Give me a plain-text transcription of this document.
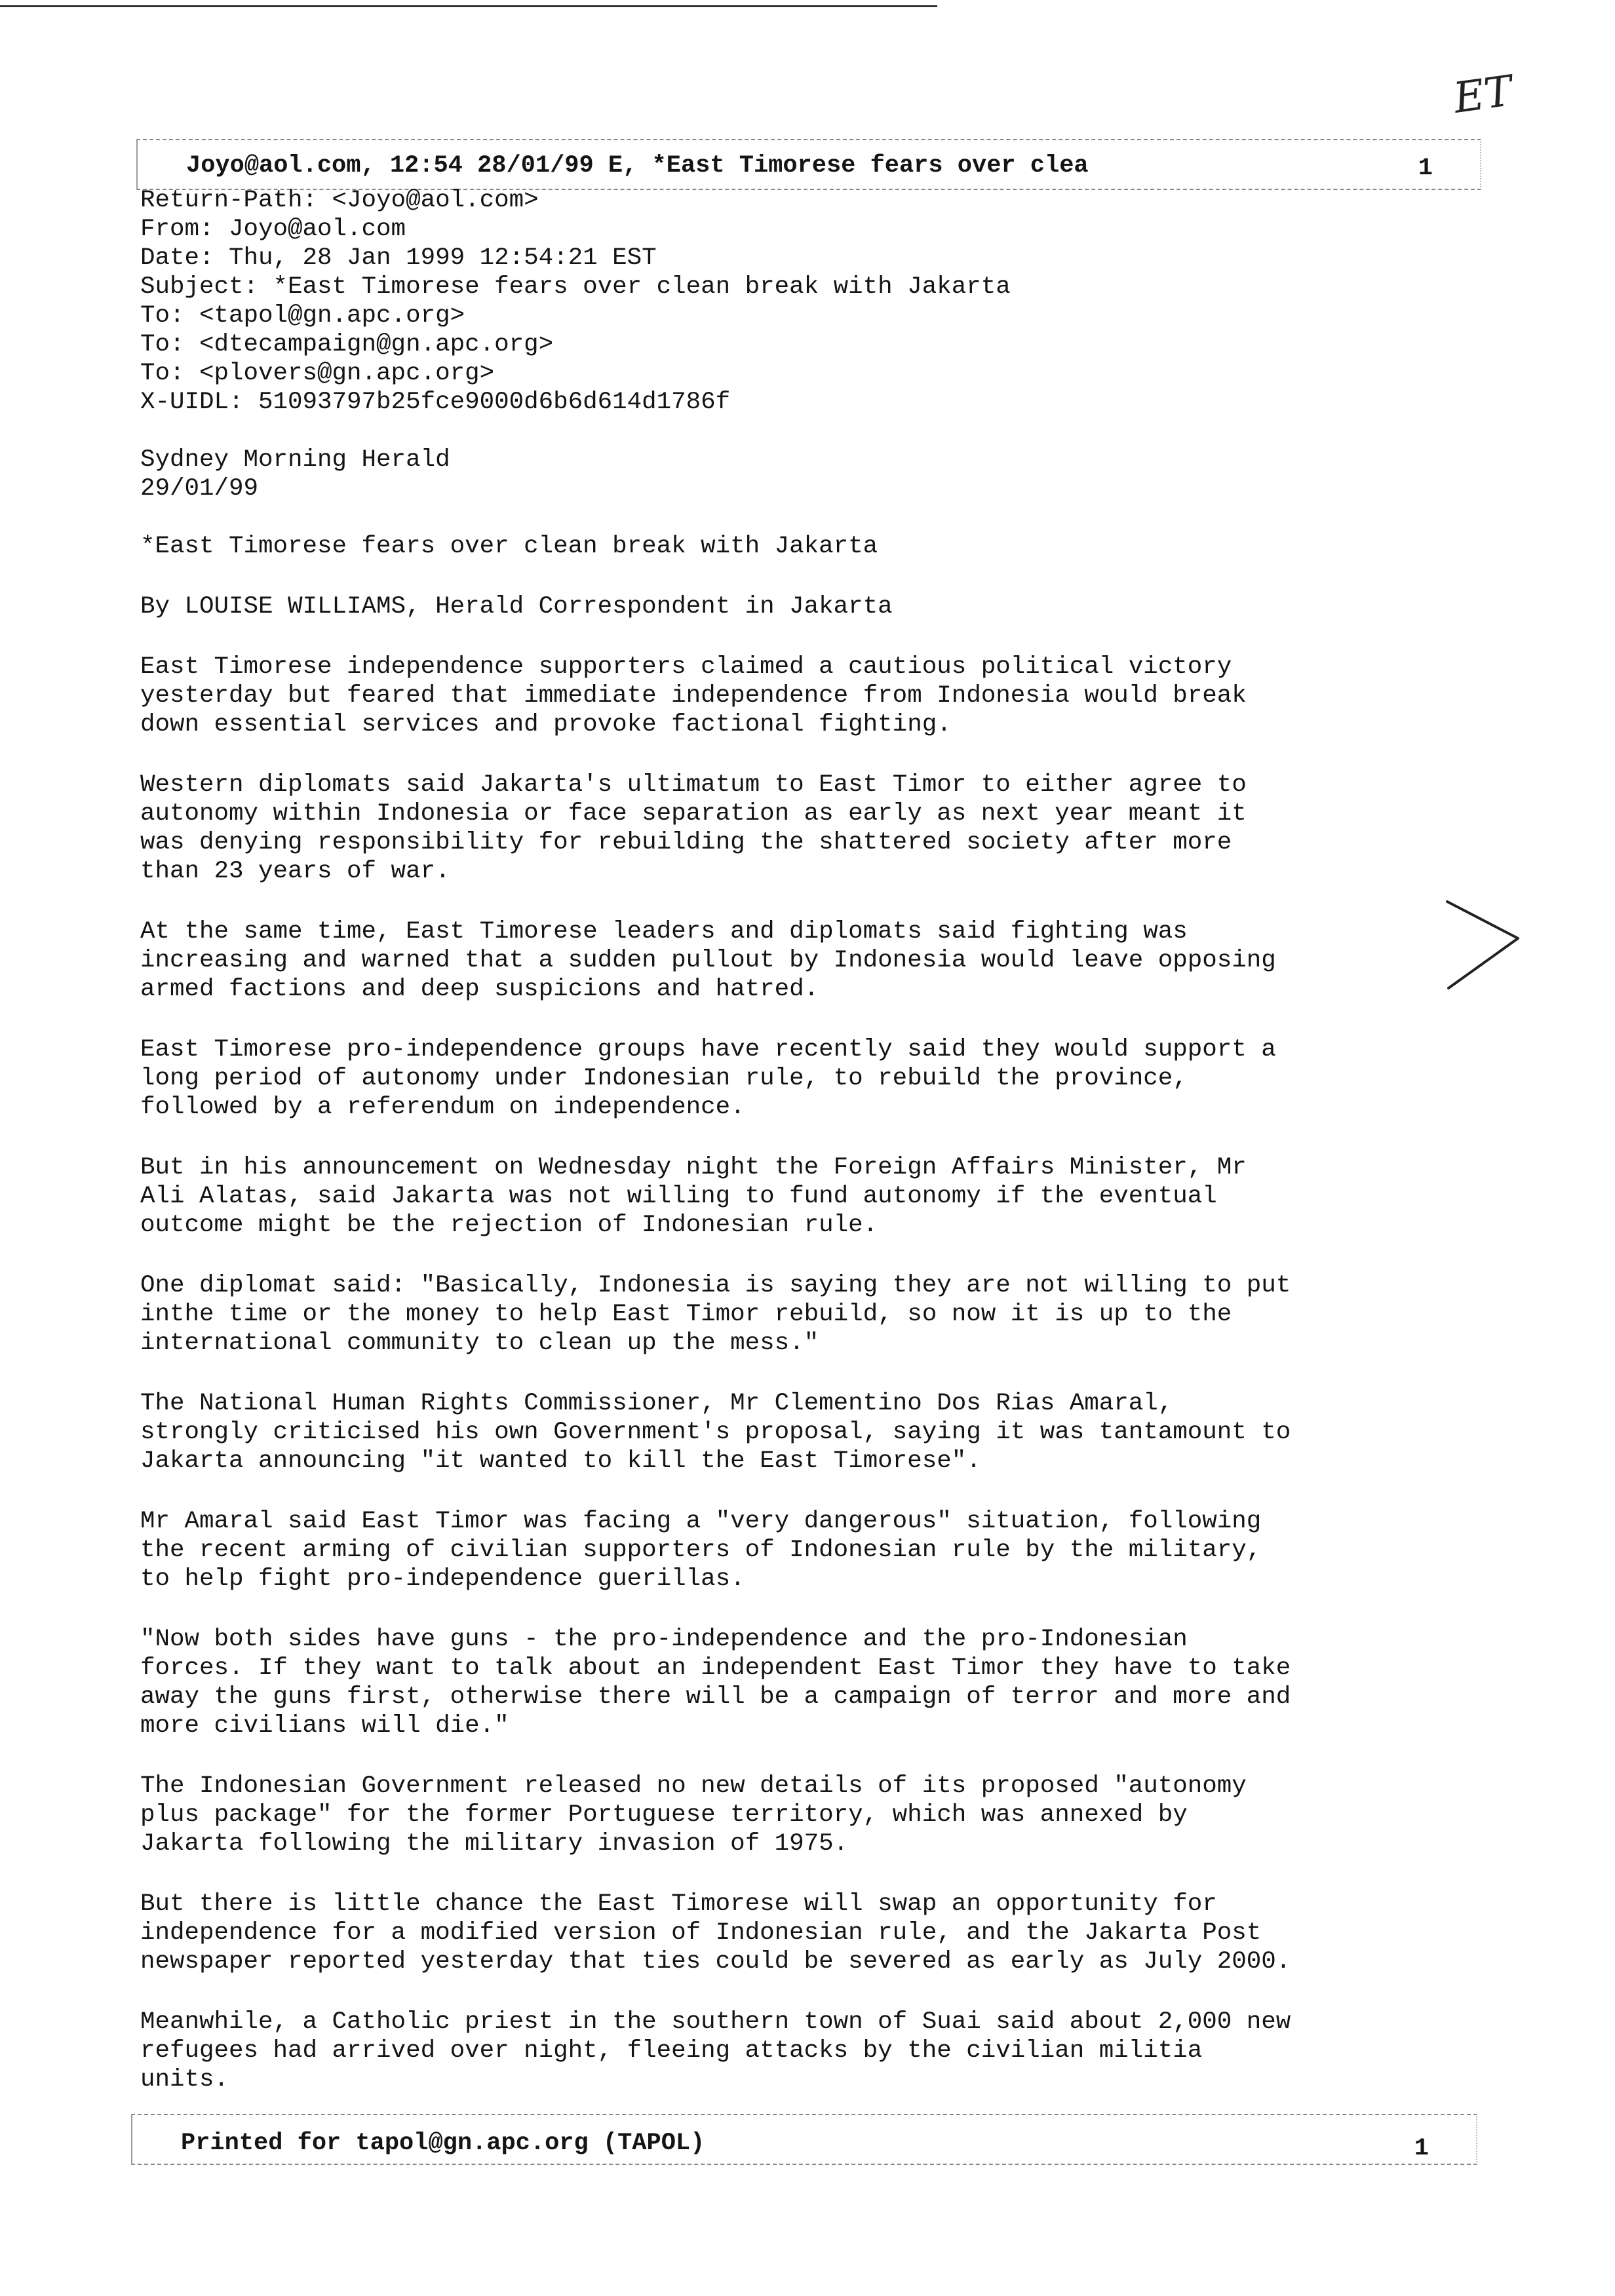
ET
Joyo@aol.com, 12:54 28/01/99 E, *East Timorese fears over clea	1
Return-Path: <Joyo@aol.com>
From: Joyo@aol.com
Date: Thu, 28 Jan 1999 12:54:21 EST
Subject: *East Timorese fears over clean break with Jakarta
To: <tapol@gn.apc.org>
To: <dtecampaign@gn.apc.org>
To: <plovers@gn.apc.org>
X-UIDL: 51093797b25fce9000d6b6d614d1786f
Sydney Morning Herald
29/01/99
*East Timorese fears over clean break with Jakarta
By LOUISE WILLIAMS, Herald Correspondent in Jakarta

East Timorese independence supporters claimed a cautious political victory
yesterday but feared that immediate independence from Indonesia would break
down essential services and provoke factional fighting.

Western diplomats said Jakarta's ultimatum to East Timor to either agree to
autonomy within Indonesia or face separation as early as next year meant it
was denying responsibility for rebuilding the shattered society after more
than 23 years of war.

At the same time, East Timorese leaders and diplomats said fighting was
increasing and warned that a sudden pullout by Indonesia would leave opposing
armed factions and deep suspicions and hatred.

East Timorese pro-independence groups have recently said they would support a
long period of autonomy under Indonesian rule, to rebuild the province,
followed by a referendum on independence.

But in his announcement on Wednesday night the Foreign Affairs Minister, Mr
Ali Alatas, said Jakarta was not willing to fund autonomy if the eventual
outcome might be the rejection of Indonesian rule.

One diplomat said: "Basically, Indonesia is saying they are not willing to put
inthe time or the money to help East Timor rebuild, so now it is up to the
international community to clean up the mess."

The National Human Rights Commissioner, Mr Clementino Dos Rias Amaral,
strongly criticised his own Government's proposal, saying it was tantamount to
Jakarta announcing "it wanted to kill the East Timorese".

Mr Amaral said East Timor was facing a "very dangerous" situation, following
the recent arming of civilian supporters of Indonesian rule by the military,
to help fight pro-independence guerillas.

"Now both sides have guns - the pro-independence and the pro-Indonesian
forces. If they want to talk about an independent East Timor they have to take
away the guns first, otherwise there will be a campaign of terror and more and
more civilians will die."

The Indonesian Government released no new details of its proposed "autonomy
plus package" for the former Portuguese territory, which was annexed by
Jakarta following the military invasion of 1975.

But there is little chance the East Timorese will swap an opportunity for
independence for a modified version of Indonesian rule, and the Jakarta Post
newspaper reported yesterday that ties could be severed as early as July 2000.

Meanwhile, a Catholic priest in the southern town of Suai said about 2,000 new
refugees had arrived over night, fleeing attacks by the civilian militia
units.

Printed for tapol@gn.apc.org (TAPOL)	1
